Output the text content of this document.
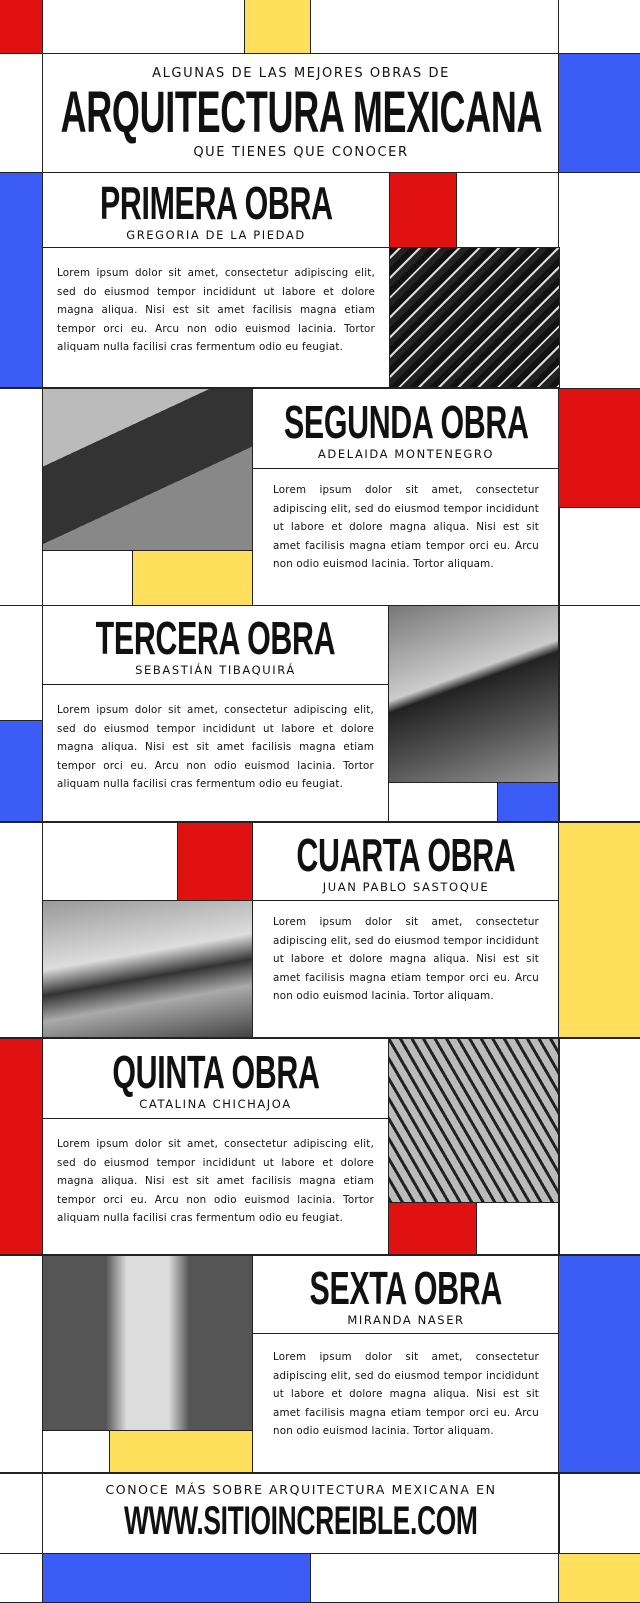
ALGUNAS DE LAS MEJORES OBRAS DE
ARQUITECTURA MEXICANA
QUE TIENES QUE CONOCER
PRIMERA OBRA
GREGORIA DE LA PIEDAD
Lorem ipsum dolor sit amet, consectetur adipiscing elit, sed do eiusmod tempor incididunt ut labore et dolore magna aliqua. Nisi est sit amet facilisis magna etiam tempor orci eu. Arcu non odio euismod lacinia. Tortor aliquam nulla facilisi cras fermentum odio eu feugiat.
SEGUNDA OBRA
ADELAIDA MONTENEGRO
Lorem ipsum dolor sit amet, consectetur adipiscing elit, sed do eiusmod tempor incididunt ut labore et dolore magna aliqua. Nisi est sit amet facilisis magna etiam tempor orci eu. Arcu non odio euismod lacinia. Tortor aliquam.
TERCERA OBRA
SEBASTIÁN TIBAQUIRÁ
Lorem ipsum dolor sit amet, consectetur adipiscing elit, sed do eiusmod tempor incididunt ut labore et dolore magna aliqua. Nisi est sit amet facilisis magna etiam tempor orci eu. Arcu non odio euismod lacinia. Tortor aliquam nulla facilisi cras fermentum odio eu feugiat.
CUARTA OBRA
JUAN PABLO SASTOQUE
Lorem ipsum dolor sit amet, consectetur adipiscing elit, sed do eiusmod tempor incididunt ut labore et dolore magna aliqua. Nisi est sit amet facilisis magna etiam tempor orci eu. Arcu non odio euismod lacinia. Tortor aliquam.
QUINTA OBRA
CATALINA CHICHAJOA
Lorem ipsum dolor sit amet, consectetur adipiscing elit, sed do eiusmod tempor incididunt ut labore et dolore magna aliqua. Nisi est sit amet facilisis magna etiam tempor orci eu. Arcu non odio euismod lacinia. Tortor aliquam nulla facilisi cras fermentum odio eu feugiat.
SEXTA OBRA
MIRANDA NASER
Lorem ipsum dolor sit amet, consectetur adipiscing elit, sed do eiusmod tempor incididunt ut labore et dolore magna aliqua. Nisi est sit amet facilisis magna etiam tempor orci eu. Arcu non odio euismod lacinia. Tortor aliquam.
CONOCE MÁS SOBRE ARQUITECTURA MEXICANA EN
WWW.SITIOINCREIBLE.COM
